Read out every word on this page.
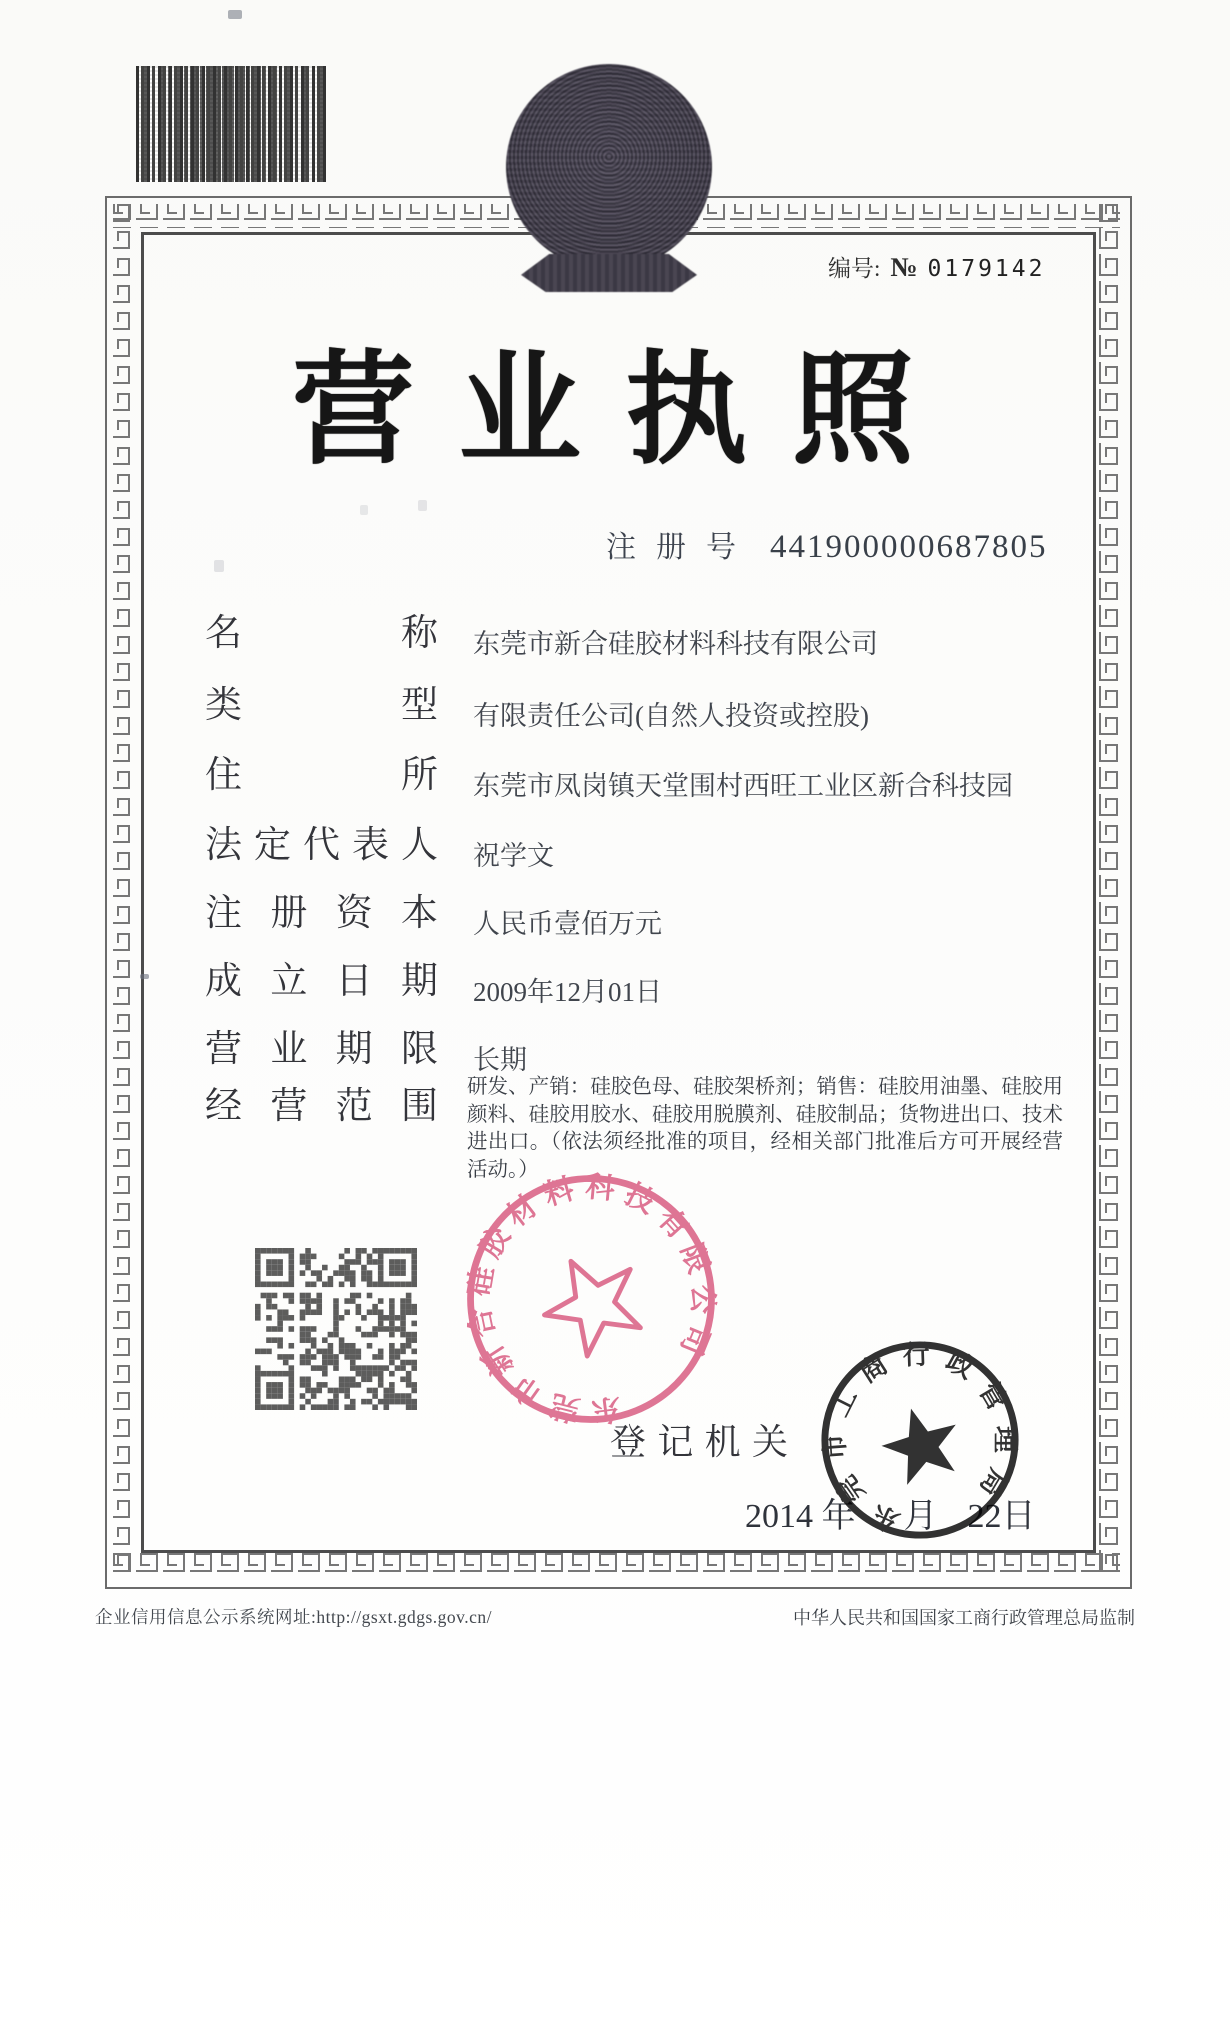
编号: № 0179142
营 业 执 照
注 册 号 441900000687805
名	称 东莞市新合硅胶材料科技有限公司
类	型 有限责任公司(自然人投资或控股)
住	所 东莞市凤岗镇天堂围村西旺工业区新合科技园
法 定 代 表 人 祝学文
注 册 资 本 人民币壹佰万元
成 立 日 期 2009年12月01日
营 业 期 限 长期
经 营 范 围 研发、产销：硅胶色母、硅胶架桥剂；销售：硅胶用油墨、硅胶用颜料、硅胶用胶水、硅胶用脱膜剂、硅胶制品；货物进出口、技术进出口。（依法须经批准的项目，经相关部门批准后方可开展经营活动。）
东莞市新合硅胶材料科技有限公司
登 记 机 关
2014 年 月 22日
东莞市工商行政管理局
企业信用信息公示系统网址:http://gsxt.gdgs.gov.cn/	中华人民共和国国家工商行政管理总局监制
